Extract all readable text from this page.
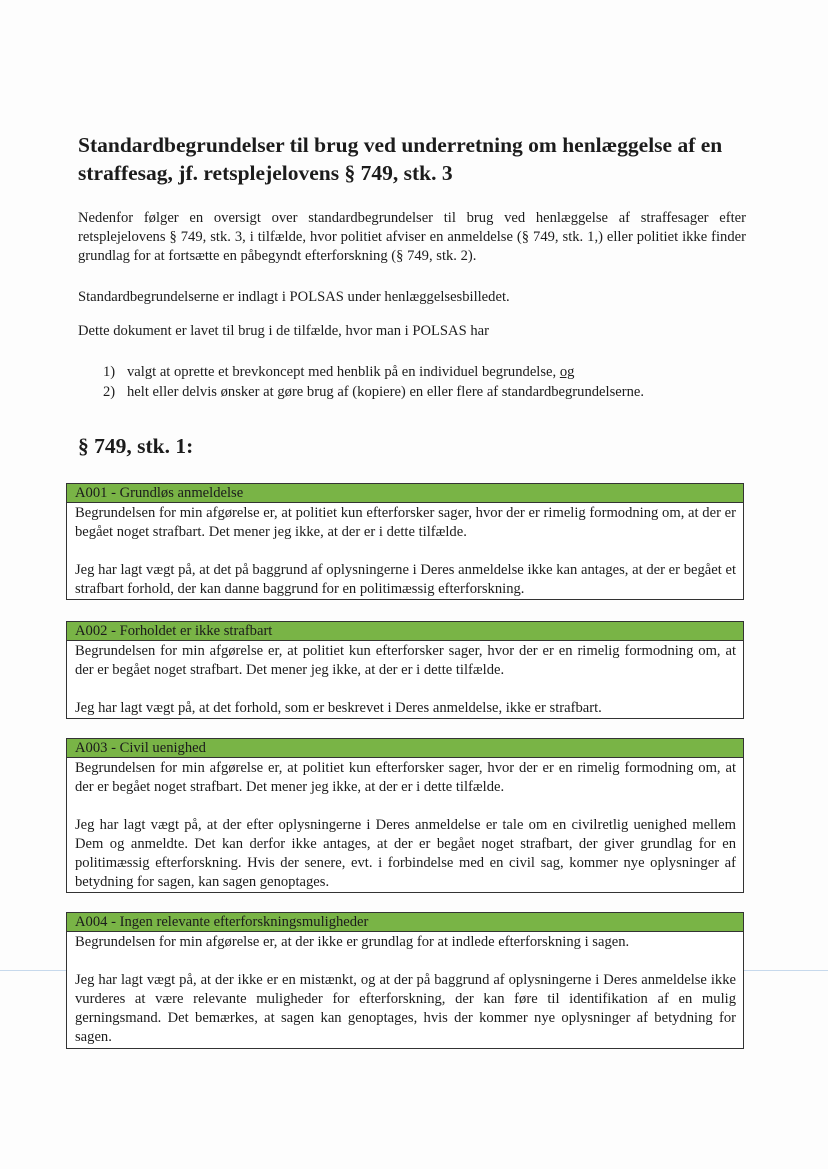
Standardbegrundelser til brug ved underretning om henlæggelse af en
straffesag, jf. retsplejelovens § 749, stk. 3

Nedenfor følger en oversigt over standardbegrundelser til brug ved henlæggelse af straffesager efter retsplejelovens § 749, stk. 3, i tilfælde, hvor politiet afviser en anmeldelse (§ 749, stk. 1,) eller politiet ikke finder grundlag for at fortsætte en påbegyndt efterforskning (§ 749, stk. 2).

Standardbegrundelserne er indlagt i POLSAS under henlæggelsesbilledet.

Dette dokument er lavet til brug i de tilfælde, hvor man i POLSAS har

1) valgt at oprette et brevkoncept med henblik på en individuel begrundelse, og
2) helt eller delvis ønsker at gøre brug af (kopiere) en eller flere af standardbegrundelserne.
§ 749, stk. 1:
A001 - Grundløs anmeldelse

Begrundelsen for min afgørelse er, at politiet kun efterforsker sager, hvor der er rimelig formodning om, at der er begået noget strafbart. Det mener jeg ikke, at der er i dette tilfælde.

Jeg har lagt vægt på, at det på baggrund af oplysningerne i Deres anmeldelse ikke kan antages, at der er begået et strafbart forhold, der kan danne baggrund for en politimæssig efterforskning.

A002 - Forholdet er ikke strafbart

Begrundelsen for min afgørelse er, at politiet kun efterforsker sager, hvor der er en rimelig formodning om, at der er begået noget strafbart. Det mener jeg ikke, at der er i dette tilfælde.

Jeg har lagt vægt på, at det forhold, som er beskrevet i Deres anmeldelse, ikke er strafbart.

A003 - Civil uenighed

Begrundelsen for min afgørelse er, at politiet kun efterforsker sager, hvor der er en rimelig formodning om, at der er begået noget strafbart. Det mener jeg ikke, at der er i dette tilfælde.

Jeg har lagt vægt på, at der efter oplysningerne i Deres anmeldelse er tale om en civilretlig uenighed mellem Dem og anmeldte. Det kan derfor ikke antages, at der er begået noget strafbart, der giver grundlag for en politimæssig efterforskning. Hvis der senere, evt. i forbindelse med en civil sag, kommer nye oplysninger af betydning for sagen, kan sagen genoptages.

A004 - Ingen relevante efterforskningsmuligheder

Begrundelsen for min afgørelse er, at der ikke er grundlag for at indlede efterforskning i sagen.

Jeg har lagt vægt på, at der ikke er en mistænkt, og at der på baggrund af oplysningerne i Deres anmeldelse ikke vurderes at være relevante muligheder for efterforskning, der kan føre til identifikation af en mulig gerningsmand. Det bemærkes, at sagen kan genoptages, hvis der kommer nye oplysninger af betydning for sagen.
